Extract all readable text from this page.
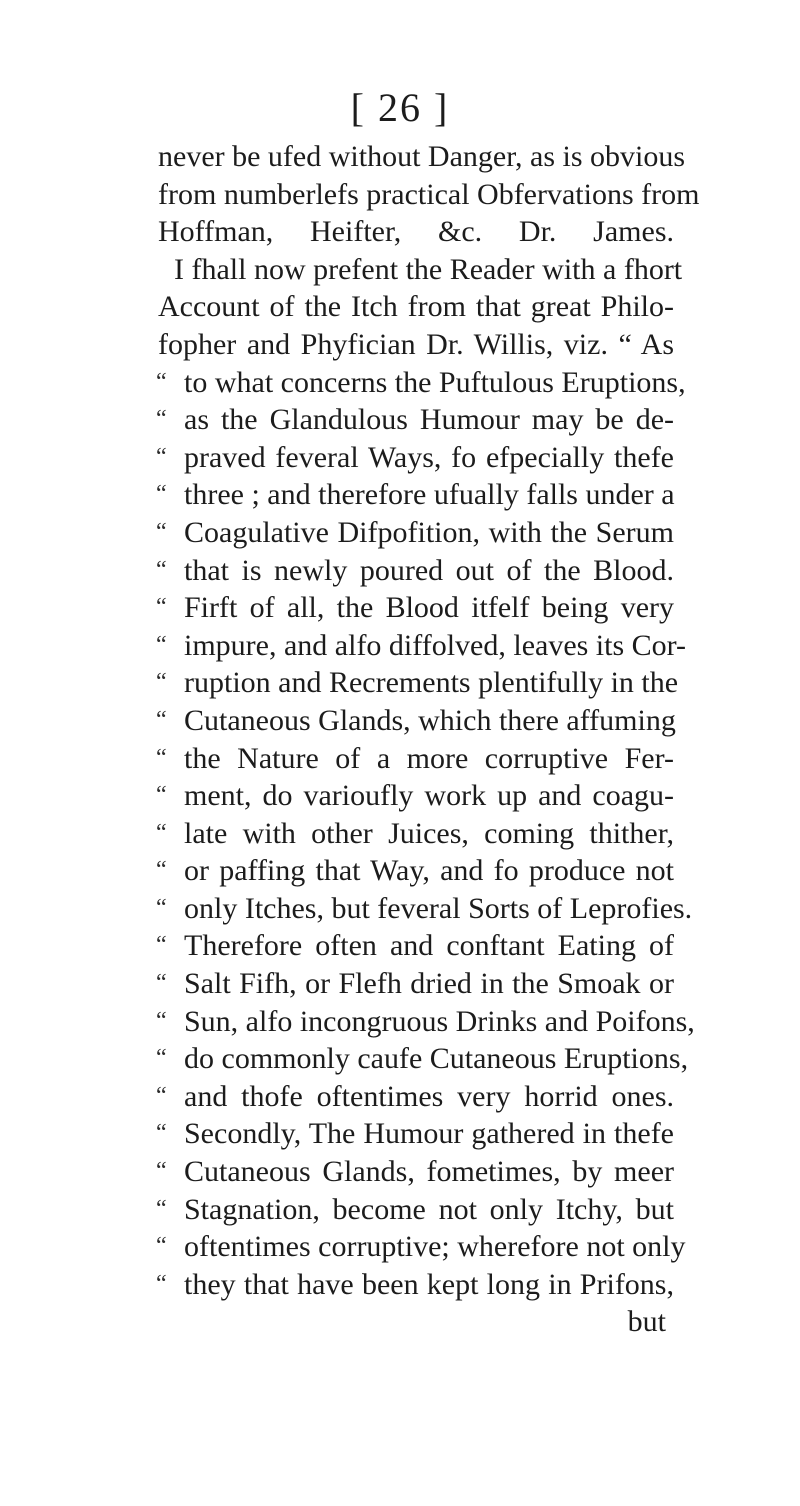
[ 26 ]
never be ufed without Danger, as is obvious
from numberlefs practical Obfervations from
Hoffman, Heifter, &c. Dr. James.
I fhall now prefent the Reader with a fhort
Account of the Itch from that great Philo-
fopher and Phyfician Dr. Willis, viz. “ As
“ to what concerns the Puftulous Eruptions,
“ as the Glandulous Humour may be de-
“ praved feveral Ways, fo efpecially thefe
“ three ; and therefore ufually falls under a
“ Coagulative Difpofition, with the Serum
“ that is newly poured out of the Blood.
“ Firft of all, the Blood itfelf being very
“ impure, and alfo diffolved, leaves its Cor-
“ ruption and Recrements plentifully in the
“ Cutaneous Glands, which there affuming
“ the Nature of a more corruptive Fer-
“ ment, do varioufly work up and coagu-
“ late with other Juices, coming thither,
“ or paffing that Way, and fo produce not
“ only Itches, but feveral Sorts of Leprofies.
“ Therefore often and conftant Eating of
“ Salt Fifh, or Flefh dried in the Smoak or
“ Sun, alfo incongruous Drinks and Poifons,
“ do commonly caufe Cutaneous Eruptions,
“ and thofe oftentimes very horrid ones.
“ Secondly, The Humour gathered in thefe
“ Cutaneous Glands, fometimes, by meer
“ Stagnation, become not only Itchy, but
“ oftentimes corruptive; wherefore not only
“ they that have been kept long in Prifons,
but
